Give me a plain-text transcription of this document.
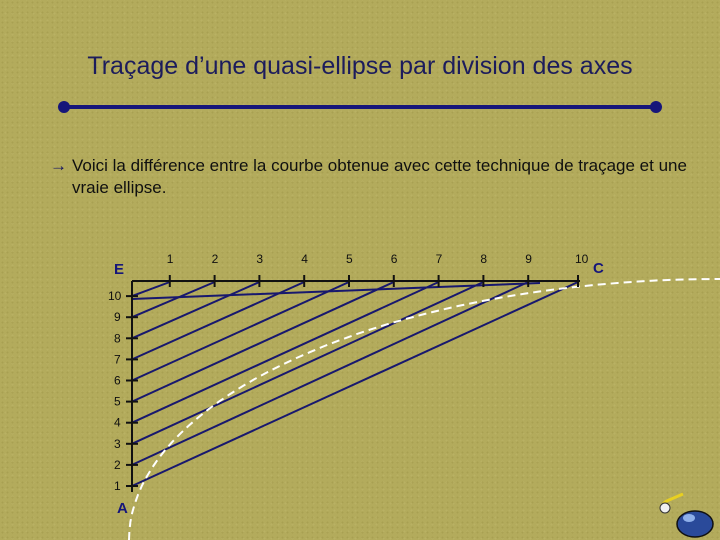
Traçage d’une quasi-ellipse par division des axes
→ Voici la différence entre la courbe obtenue avec cette technique de traçage et une vraie ellipse.
1	2	3	4	5	6	7	8	9	10
1
2
3
4
5
6
7
8
9
10
E
A
C
